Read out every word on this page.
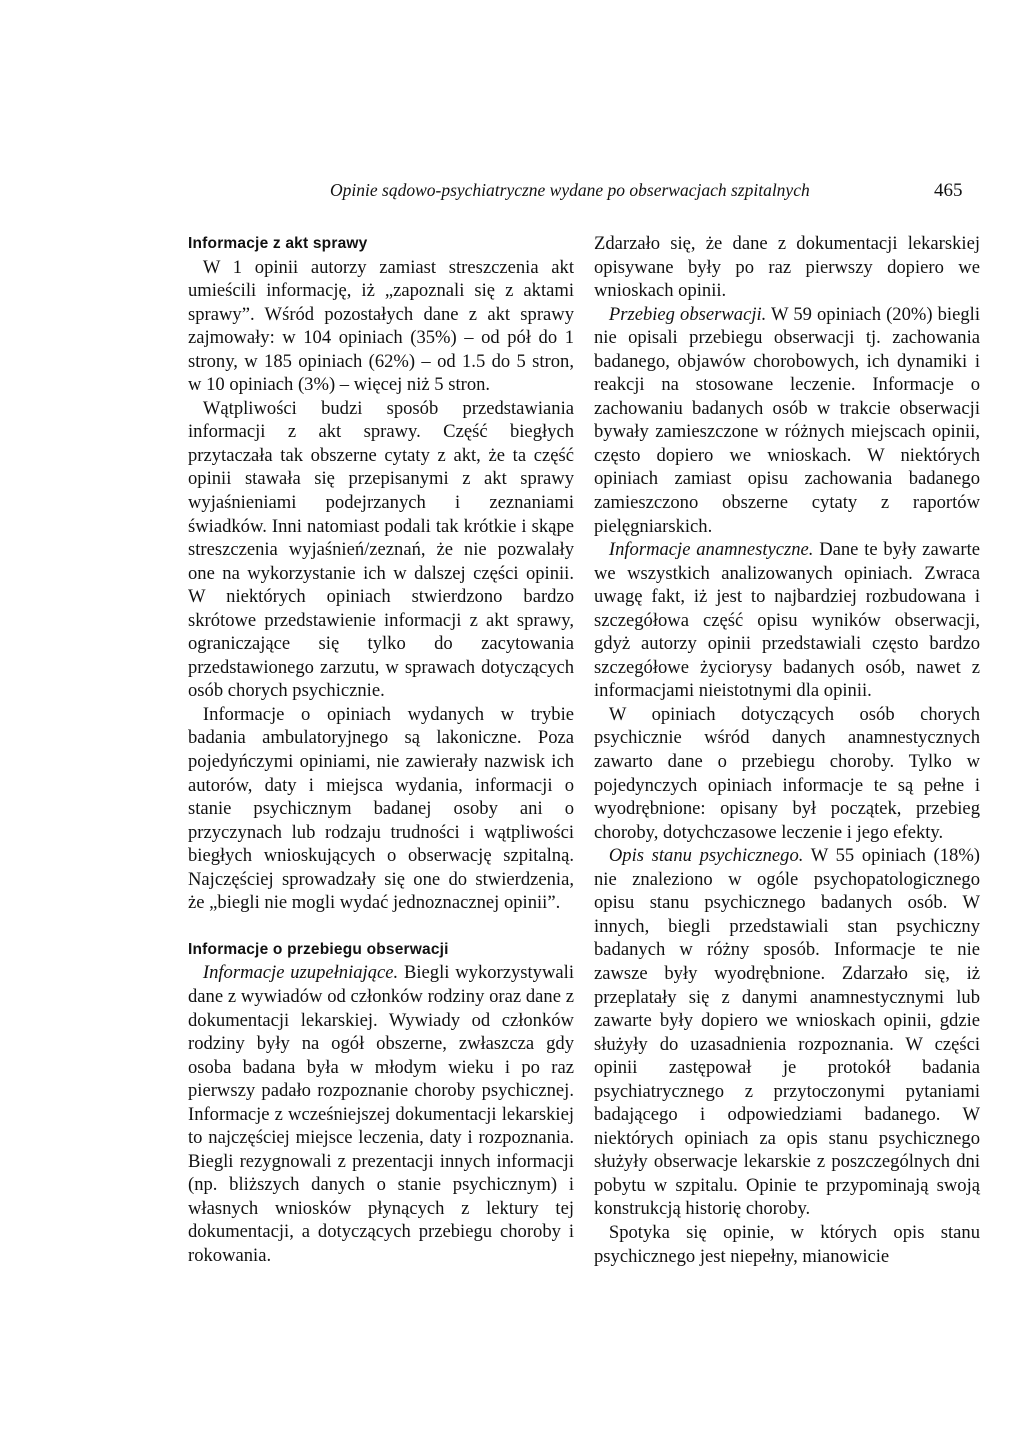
Opinie sądowo-psychiatryczne wydane po obserwacjach szpitalnych	465
Informacje z akt sprawy

W 1 opinii autorzy zamiast streszczenia akt umieścili informację, iż „zapoznali się z aktami sprawy”. Wśród pozostałych dane z akt sprawy zajmowały: w 104 opiniach (35%) – od pół do 1 strony, w 185 opiniach (62%) – od 1.5 do 5 stron, w 10 opiniach (3%) – więcej niż 5 stron.

Wątpliwości budzi sposób przedstawiania informacji z akt sprawy. Część biegłych przytaczała tak obszerne cytaty z akt, że ta część opinii stawała się przepisanymi z akt sprawy wyjaśnieniami podejrzanych i zeznaniami świadków. Inni natomiast podali tak krótkie i skąpe streszczenia wyjaśnień/zeznań, że nie pozwalały one na wykorzystanie ich w dalszej części opinii. W niektórych opiniach stwierdzono bardzo skrótowe przedstawienie informacji z akt sprawy, ograniczające się tylko do zacytowania przedstawionego zarzutu, w sprawach dotyczących osób chorych psychicznie.

Informacje o opiniach wydanych w trybie badania ambulatoryjnego są lakoniczne. Poza pojedyńczymi opiniami, nie zawierały nazwisk ich autorów, daty i miejsca wydania, informacji o stanie psychicznym badanej osoby ani o przyczynach lub rodzaju trudności i wątpliwości biegłych wnioskujących o obserwację szpitalną. Najczęściej sprowadzały się one do stwierdzenia, że „biegli nie mogli wydać jednoznacznej opinii”.

Informacje o przebiegu obserwacji

Informacje uzupełniające. Biegli wykorzystywali dane z wywiadów od członków rodziny oraz dane z dokumentacji lekarskiej. Wywiady od członków rodziny były na ogół obszerne, zwłaszcza gdy osoba badana była w młodym wieku i po raz pierwszy padało rozpoznanie choroby psychicznej. Informacje z wcześniejszej dokumentacji lekarskiej to najczęściej miejsce leczenia, daty i rozpoznania. Biegli rezygnowali z prezentacji innych informacji (np. bliższych danych o stanie psychicznym) i własnych wniosków płynących z lektury tej dokumentacji, a dotyczących przebiegu choroby i rokowania.

Zdarzało się, że dane z dokumentacji lekarskiej opisywane były po raz pierwszy dopiero we wnioskach opinii.

Przebieg obserwacji. W 59 opiniach (20%) biegli nie opisali przebiegu obserwacji tj. zachowania badanego, objawów chorobowych, ich dynamiki i reakcji na stosowane leczenie. Informacje o zachowaniu badanych osób w trakcie obserwacji bywały zamieszczone w różnych miejscach opinii, często dopiero we wnioskach. W niektórych opiniach zamiast opisu zachowania badanego zamieszczono obszerne cytaty z raportów pielęgniarskich.

Informacje anamnestyczne. Dane te były zawarte we wszystkich analizowanych opiniach. Zwraca uwagę fakt, iż jest to najbardziej rozbudowana i szczegółowa część opisu wyników obserwacji, gdyż autorzy opinii przedstawiali często bardzo szczegółowe życiorysy badanych osób, nawet z informacjami nieistotnymi dla opinii.

W opiniach dotyczących osób chorych psychicznie wśród danych anamnestycznych zawarto dane o przebiegu choroby. Tylko w pojedynczych opiniach informacje te są pełne i wyodrębnione: opisany był początek, przebieg choroby, dotychczasowe leczenie i jego efekty.

Opis stanu psychicznego. W 55 opiniach (18%) nie znaleziono w ogóle psychopatologicznego opisu stanu psychicznego badanych osób. W innych, biegli przedstawiali stan psychiczny badanych w różny sposób. Informacje te nie zawsze były wyodrębnione. Zdarzało się, iż przeplatały się z danymi anamnestycznymi lub zawarte były dopiero we wnioskach opinii, gdzie służyły do uzasadnienia rozpoznania. W części opinii zastępował je protokół badania psychiatrycznego z przytoczonymi pytaniami badającego i odpowiedziami badanego. W niektórych opiniach za opis stanu psychicznego służyły obserwacje lekarskie z poszczególnych dni pobytu w szpitalu. Opinie te przypominają swoją konstrukcją historię choroby.

Spotyka się opinie, w których opis stanu psychicznego jest niepełny, mianowicie
